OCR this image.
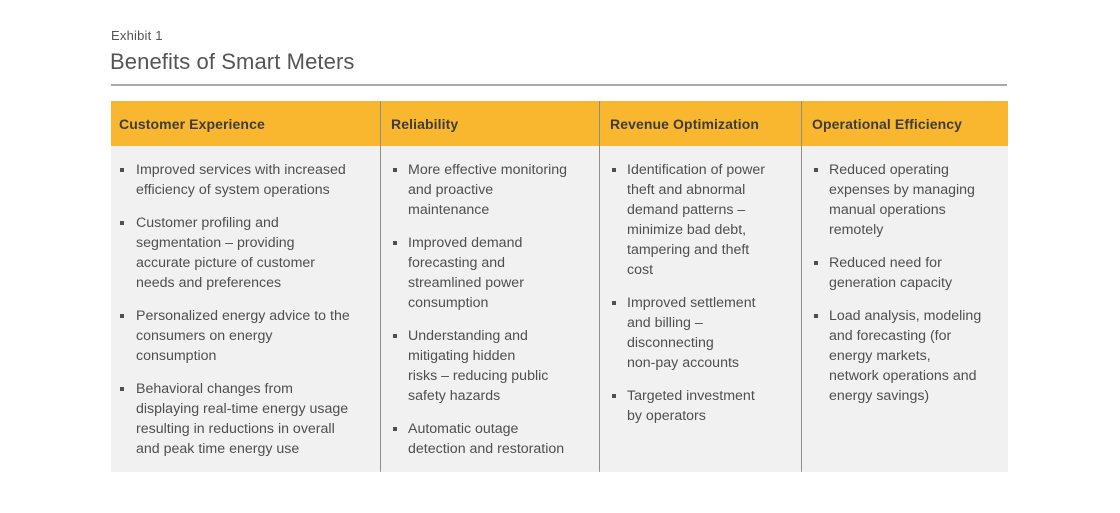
Exhibit 1
Benefits of Smart Meters
Customer Experience
Improved services with increased
efficiency of system operations
Customer profiling and
segmentation – providing
accurate picture of customer
needs and preferences
Personalized energy advice to the
consumers on energy
consumption
Behavioral changes from
displaying real-time energy usage
resulting in reductions in overall
and peak time energy use
Reliability
More effective monitoring
and proactive
maintenance
Improved demand
forecasting and
streamlined power
consumption
Understanding and
mitigating hidden
risks – reducing public
safety hazards
Automatic outage
detection and restoration
Revenue Optimization
Identification of power
theft and abnormal
demand patterns –
minimize bad debt,
tampering and theft
cost
Improved settlement
and billing –
disconnecting
non-pay accounts
Targeted investment
by operators
Operational Efficiency
Reduced operating
expenses by managing
manual operations
remotely
Reduced need for
generation capacity
Load analysis, modeling
and forecasting (for
energy markets,
network operations and
energy savings)
